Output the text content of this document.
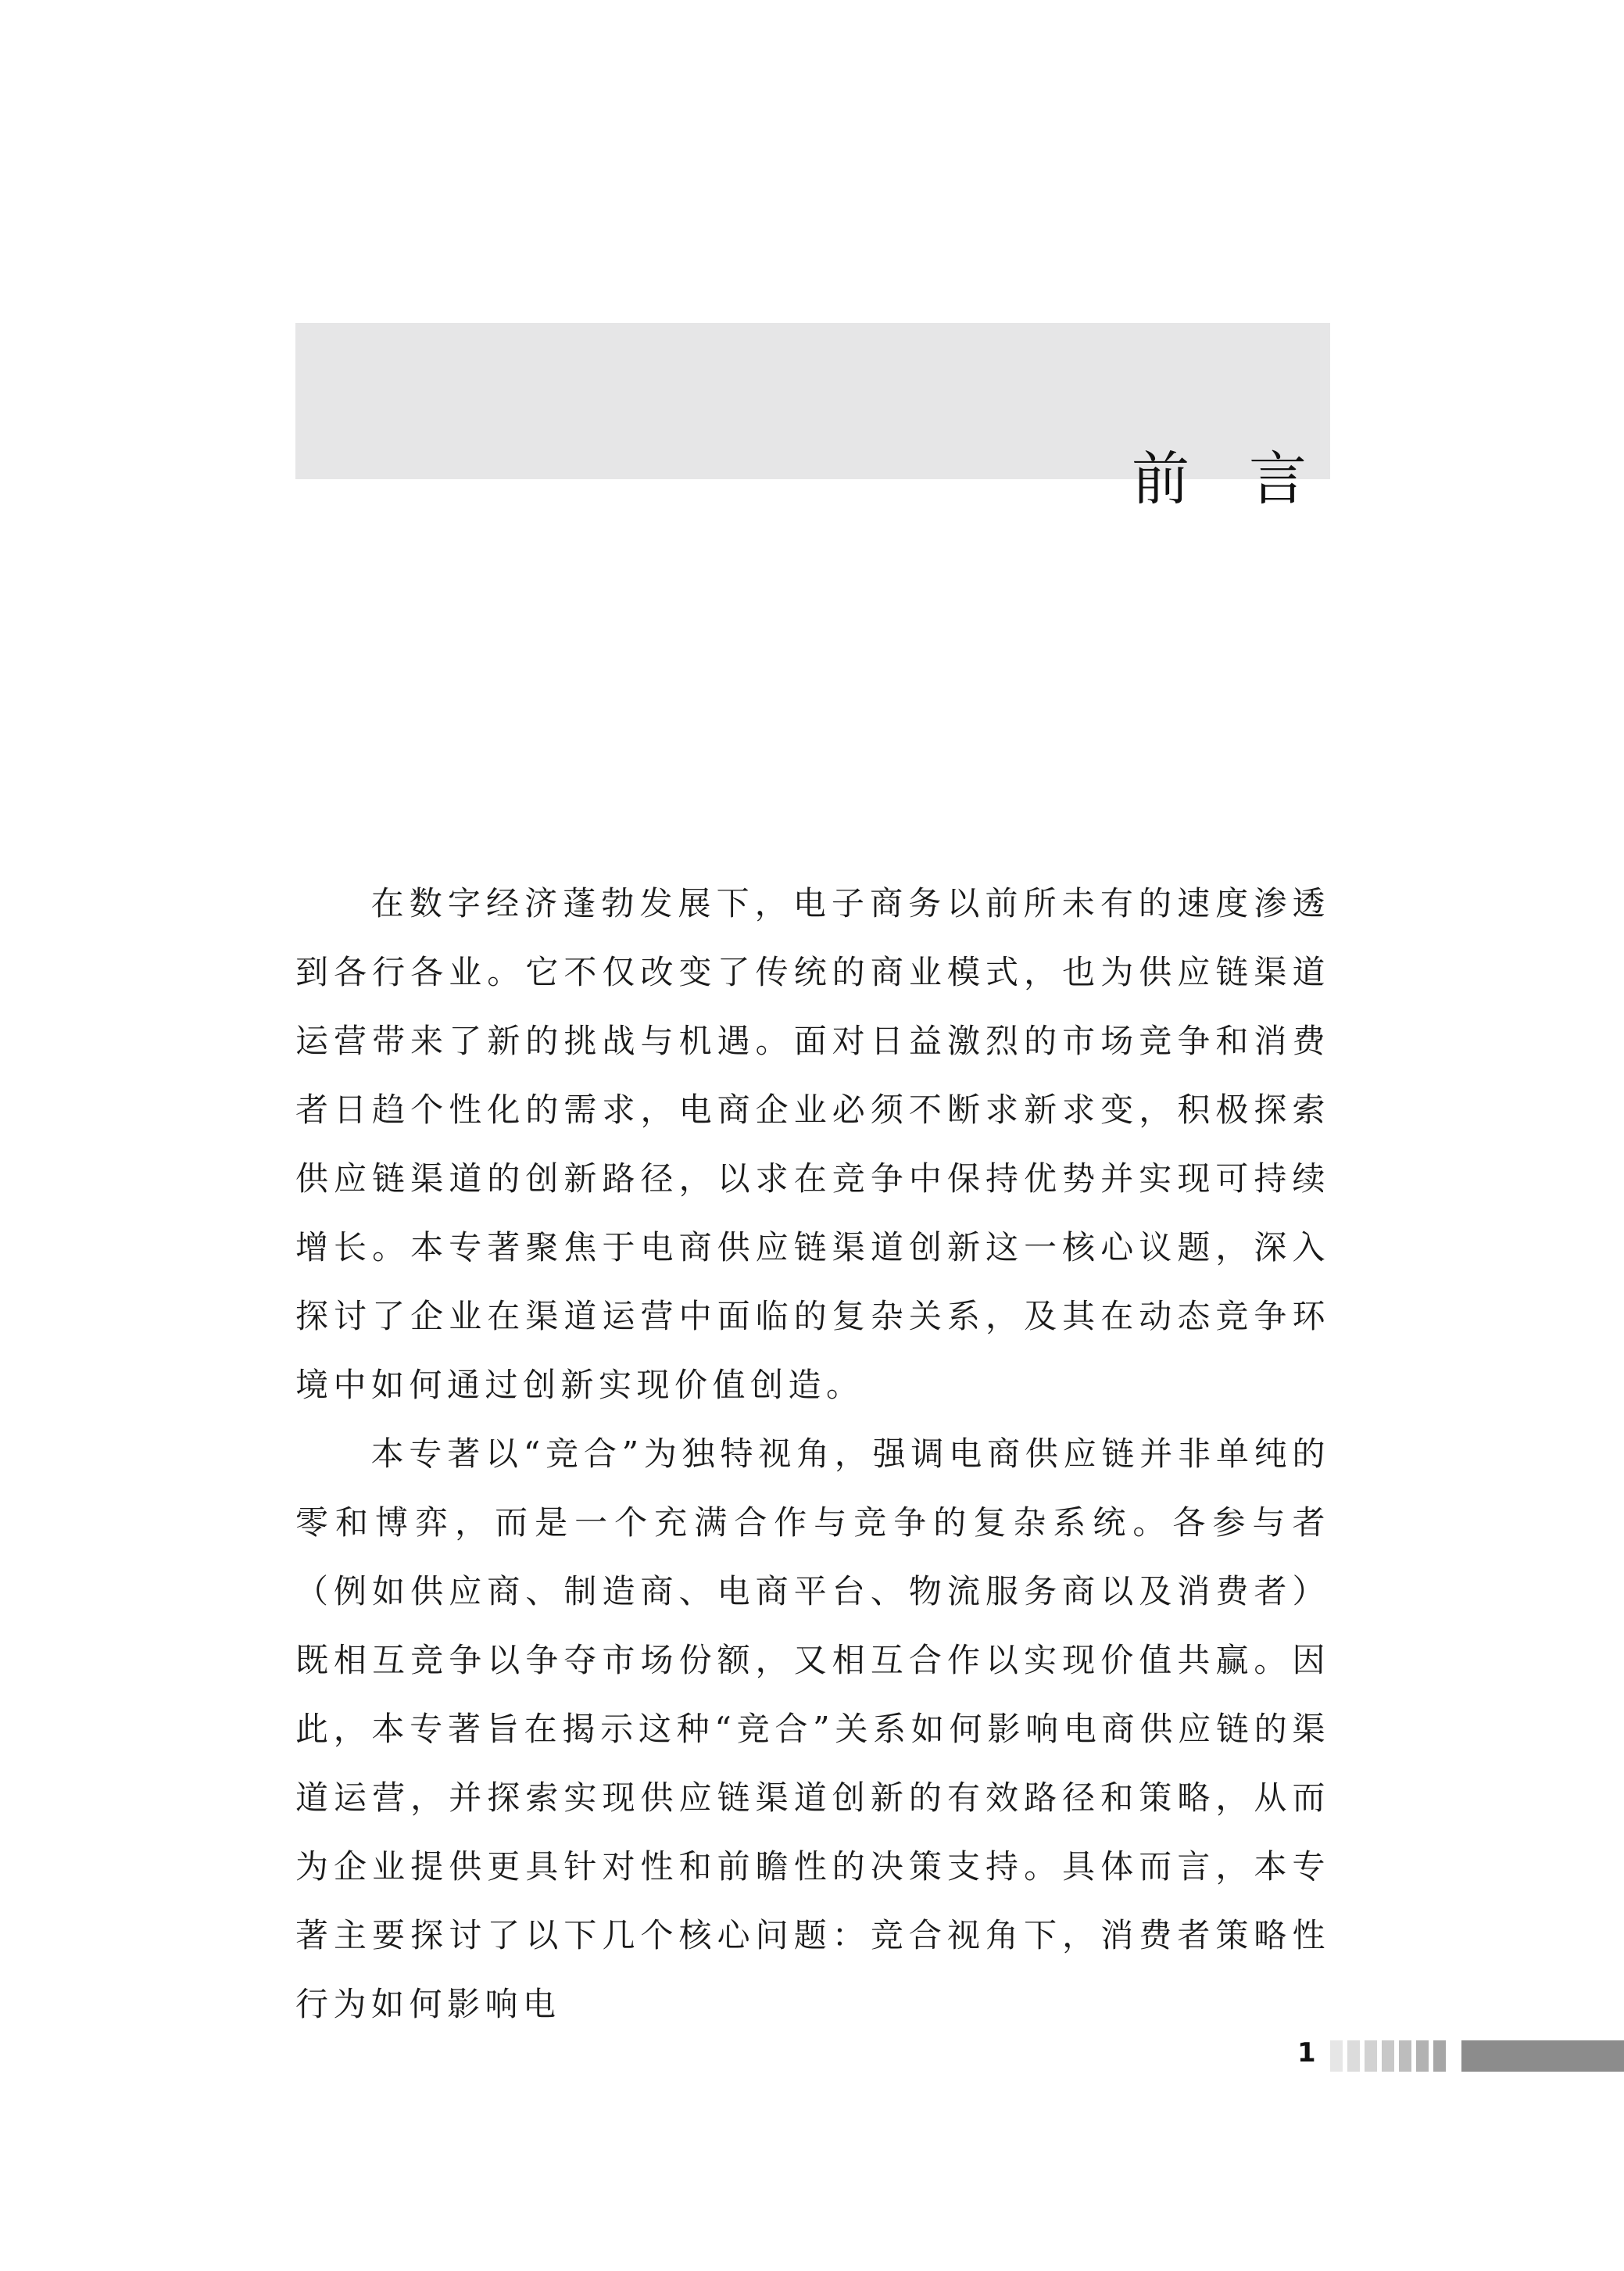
前言

在数字经济蓬勃发展下，电子商务以前所未有的速度渗透到各行各业。它不仅改变了传统的商业模式，也为供应链渠道运营带来了新的挑战与机遇。面对日益激烈的市场竞争和消费者日趋个性化的需求，电商企业必须不断求新求变，积极探索供应链渠道的创新路径，以求在竞争中保持优势并实现可持续增长。本专著聚焦于电商供应链渠道创新这一核心议题，深入探讨了企业在渠道运营中面临的复杂关系，及其在动态竞争环境中如何通过创新实现价值创造。

本专著以“竞合”为独特视角，强调电商供应链并非单纯的零和博弈，而是一个充满合作与竞争的复杂系统。各参与者（例如供应商、制造商、电商平台、物流服务商以及消费者）既相互竞争以争夺市场份额，又相互合作以实现价值共赢。因此，本专著旨在揭示这种“竞合”关系如何影响电商供应链的渠道运营，并探索实现供应链渠道创新的有效路径和策略，从而为企业提供更具针对性和前瞻性的决策支持。具体而言，本专著主要探讨了以下几个核心问题：竞合视角下，消费者策略性行为如何影响电

1
